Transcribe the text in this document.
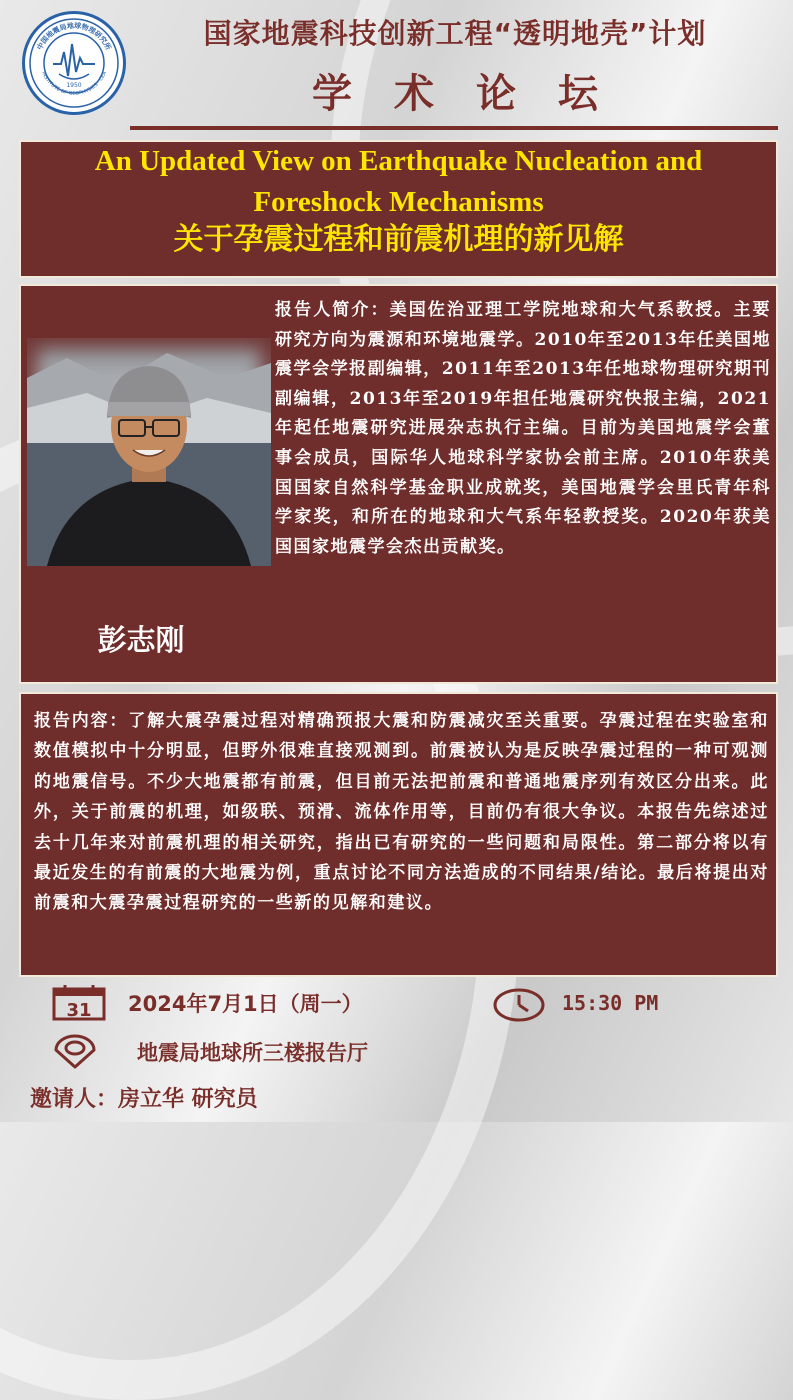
中国地震局地球物理研究所
INSTITUTE OF GEOPHYSICS · CEA
1950
国家地震科技创新工程“透明地壳”计划
学术论坛
An Updated View on Earthquake Nucleation and
Foreshock Mechanisms
关于孕震过程和前震机理的新见解
彭志刚
报告人简介：美国佐治亚理工学院地球和大气系教授。主要研究方向为震源和环境地震学。2010年至2013年任美国地震学会学报副编辑，2011年至2013年任地球物理研究期刊副编辑，2013年至2019年担任地震研究快报主编，2021年起任地震研究进展杂志执行主编。目前为美国地震学会董事会成员，国际华人地球科学家协会前主席。2010年获美国国家自然科学基金职业成就奖，美国地震学会里氏青年科学家奖，和所在的地球和大气系年轻教授奖。2020年获美国国家地震学会杰出贡献奖。
报告内容：了解大震孕震过程对精确预报大震和防震减灾至关重要。孕震过程在实验室和数值模拟中十分明显，但野外很难直接观测到。前震被认为是反映孕震过程的一种可观测的地震信号。不少大地震都有前震，但目前无法把前震和普通地震序列有效区分出来。此外，关于前震的机理，如级联、预滑、流体作用等，目前仍有很大争议。本报告先综述过去十几年来对前震机理的相关研究，指出已有研究的一些问题和局限性。第二部分将以有最近发生的有前震的大地震为例，重点讨论不同方法造成的不同结果/结论。最后将提出对前震和大震孕震过程研究的一些新的见解和建议。
31 2024年7月1日（周一）	15:30 PM
地震局地球所三楼报告厅
邀请人：房立华 研究员
